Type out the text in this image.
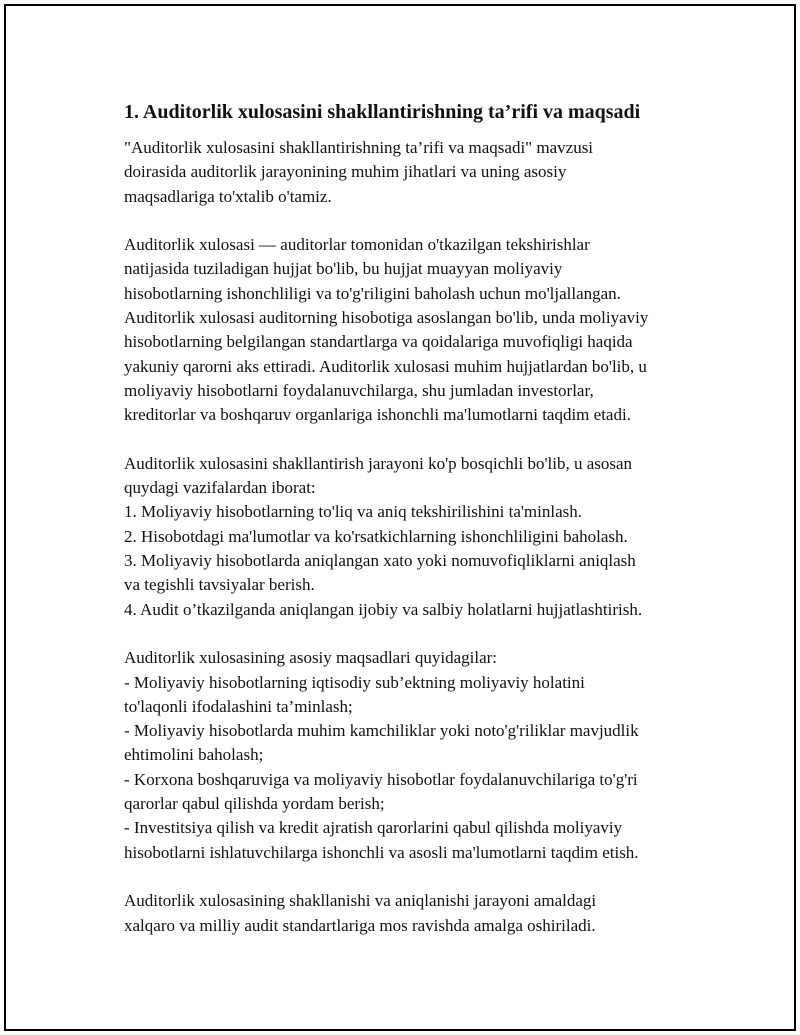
1. Auditorlik xulosasini shakllantirishning ta’rifi va maqsadi
"Auditorlik xulosasini shakllantirishning ta’rifi va maqsadi" mavzusi
doirasida auditorlik jarayonining muhim jihatlari va uning asosiy
maqsadlariga to'xtalib o'tamiz.
Auditorlik xulosasi — auditorlar tomonidan o'tkazilgan tekshirishlar
natijasida tuziladigan hujjat bo'lib, bu hujjat muayyan moliyaviy
hisobotlarning ishonchliligi va to'g'riligini baholash uchun mo'ljallangan.
Auditorlik xulosasi auditorning hisobotiga asoslangan bo'lib, unda moliyaviy
hisobotlarning belgilangan standartlarga va qoidalariga muvofiqligi haqida
yakuniy qarorni aks ettiradi. Auditorlik xulosasi muhim hujjatlardan bo'lib, u
moliyaviy hisobotlarni foydalanuvchilarga, shu jumladan investorlar,
kreditorlar va boshqaruv organlariga ishonchli ma'lumotlarni taqdim etadi.
Auditorlik xulosasini shakllantirish jarayoni ko'p bosqichli bo'lib, u asosan
quydagi vazifalardan iborat:
1. Moliyaviy hisobotlarning to'liq va aniq tekshirilishini ta'minlash.
2. Hisobotdagi ma'lumotlar va ko'rsatkichlarning ishonchliligini baholash.
3. Moliyaviy hisobotlarda aniqlangan xato yoki nomuvofiqliklarni aniqlash
va tegishli tavsiyalar berish.
4. Audit o’tkazilganda aniqlangan ijobiy va salbiy holatlarni hujjatlashtirish.
Auditorlik xulosasining asosiy maqsadlari quyidagilar:
- Moliyaviy hisobotlarning iqtisodiy sub’ektning moliyaviy holatini
to'laqonli ifodalashini ta’minlash;
- Moliyaviy hisobotlarda muhim kamchiliklar yoki noto'g'riliklar mavjudlik
ehtimolini baholash;
- Korxona boshqaruviga va moliyaviy hisobotlar foydalanuvchilariga to'g'ri
qarorlar qabul qilishda yordam berish;
- Investitsiya qilish va kredit ajratish qarorlarini qabul qilishda moliyaviy
hisobotlarni ishlatuvchilarga ishonchli va asosli ma'lumotlarni taqdim etish.
Auditorlik xulosasining shakllanishi va aniqlanishi jarayoni amaldagi
xalqaro va milliy audit standartlariga mos ravishda amalga oshiriladi.
